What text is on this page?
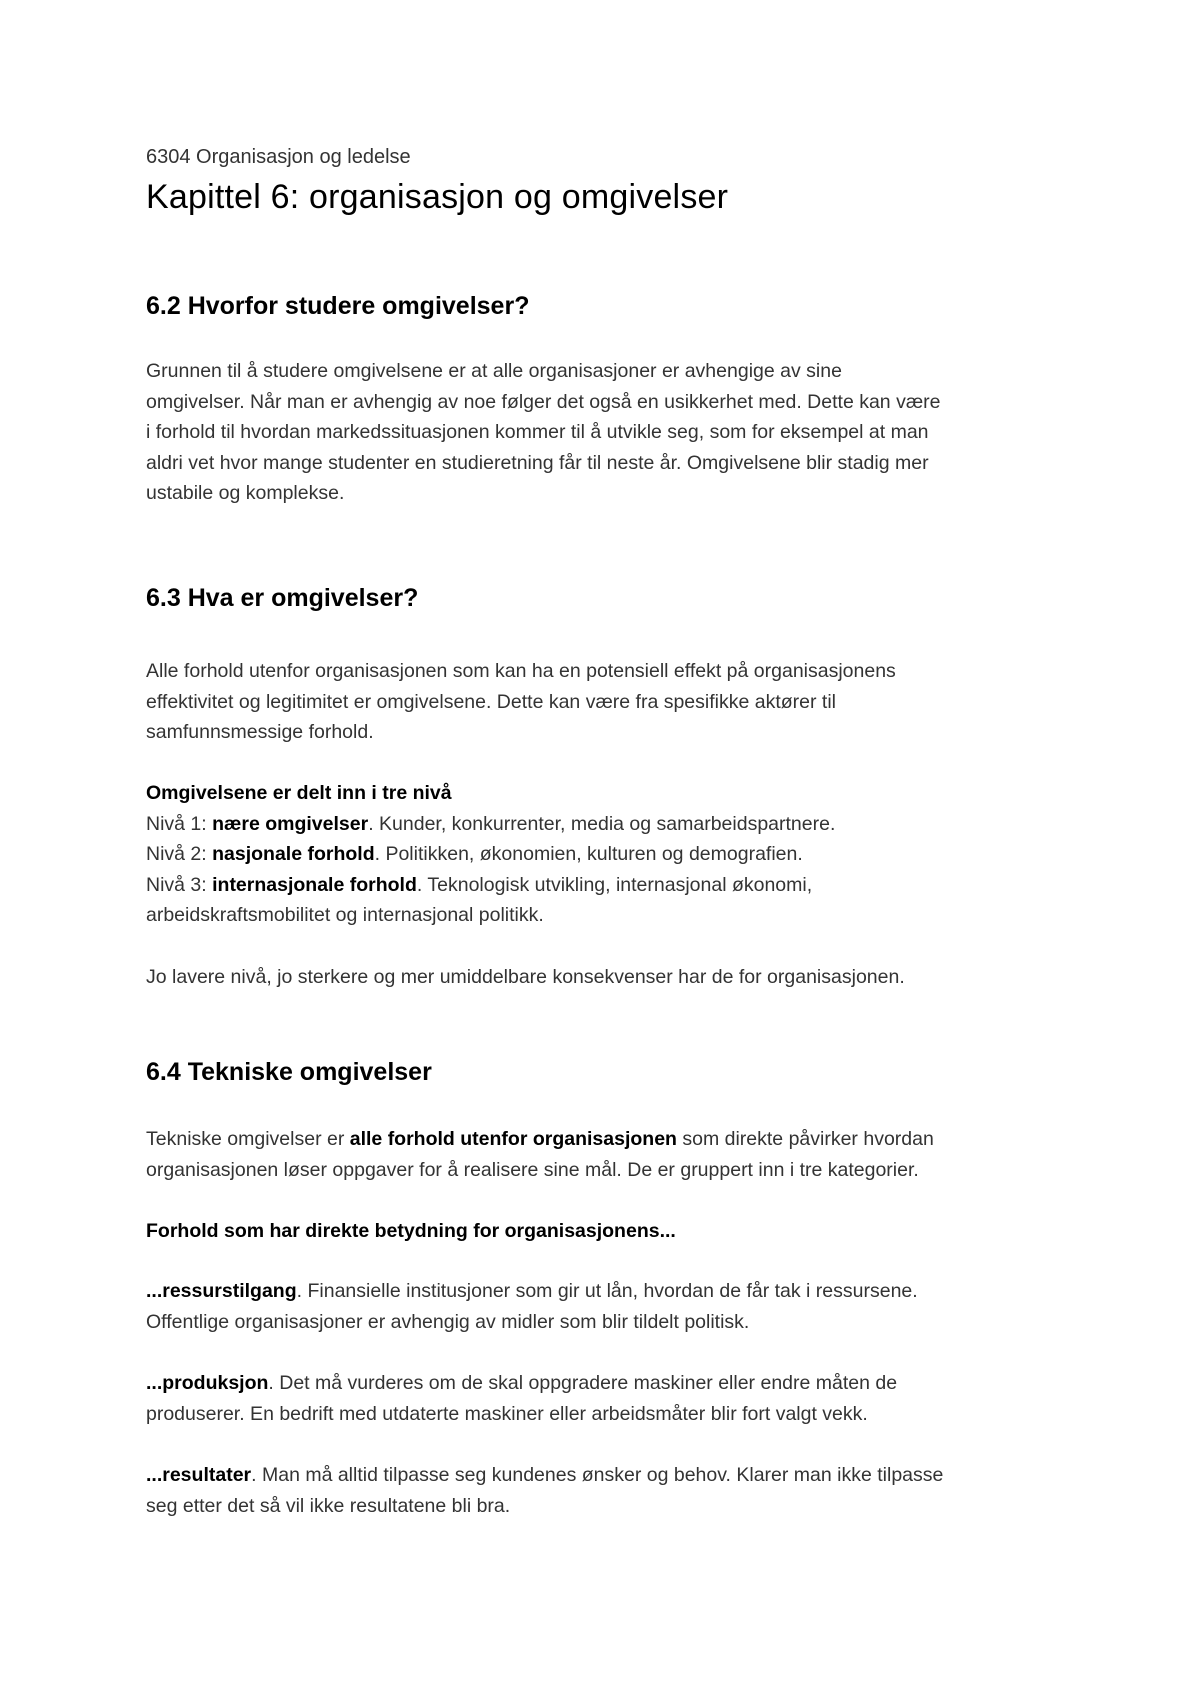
6304 Organisasjon og ledelse
Kapittel 6: organisasjon og omgivelser
6.2 Hvorfor studere omgivelser?

Grunnen til å studere omgivelsene er at alle organisasjoner er avhengige av sine
omgivelser. Når man er avhengig av noe følger det også en usikkerhet med. Dette kan være
i forhold til hvordan markedssituasjonen kommer til å utvikle seg, som for eksempel at man
aldri vet hvor mange studenter en studieretning får til neste år. Omgivelsene blir stadig mer
ustabile og komplekse.

6.3 Hva er omgivelser?

Alle forhold utenfor organisasjonen som kan ha en potensiell effekt på organisasjonens
effektivitet og legitimitet er omgivelsene. Dette kan være fra spesifikke aktører til
samfunnsmessige forhold.

Omgivelsene er delt inn i tre nivå
Nivå 1: nære omgivelser. Kunder, konkurrenter, media og samarbeidspartnere.
Nivå 2: nasjonale forhold. Politikken, økonomien, kulturen og demografien.
Nivå 3: internasjonale forhold. Teknologisk utvikling, internasjonal økonomi,
arbeidskraftsmobilitet og internasjonal politikk.

Jo lavere nivå, jo sterkere og mer umiddelbare konsekvenser har de for organisasjonen.

6.4 Tekniske omgivelser

Tekniske omgivelser er alle forhold utenfor organisasjonen som direkte påvirker hvordan
organisasjonen løser oppgaver for å realisere sine mål. De er gruppert inn i tre kategorier.

Forhold som har direkte betydning for organisasjonens...

...ressurstilgang. Finansielle institusjoner som gir ut lån, hvordan de får tak i ressursene.
Offentlige organisasjoner er avhengig av midler som blir tildelt politisk.

...produksjon. Det må vurderes om de skal oppgradere maskiner eller endre måten de
produserer. En bedrift med utdaterte maskiner eller arbeidsmåter blir fort valgt vekk.

...resultater. Man må alltid tilpasse seg kundenes ønsker og behov. Klarer man ikke tilpasse
seg etter det så vil ikke resultatene bli bra.
